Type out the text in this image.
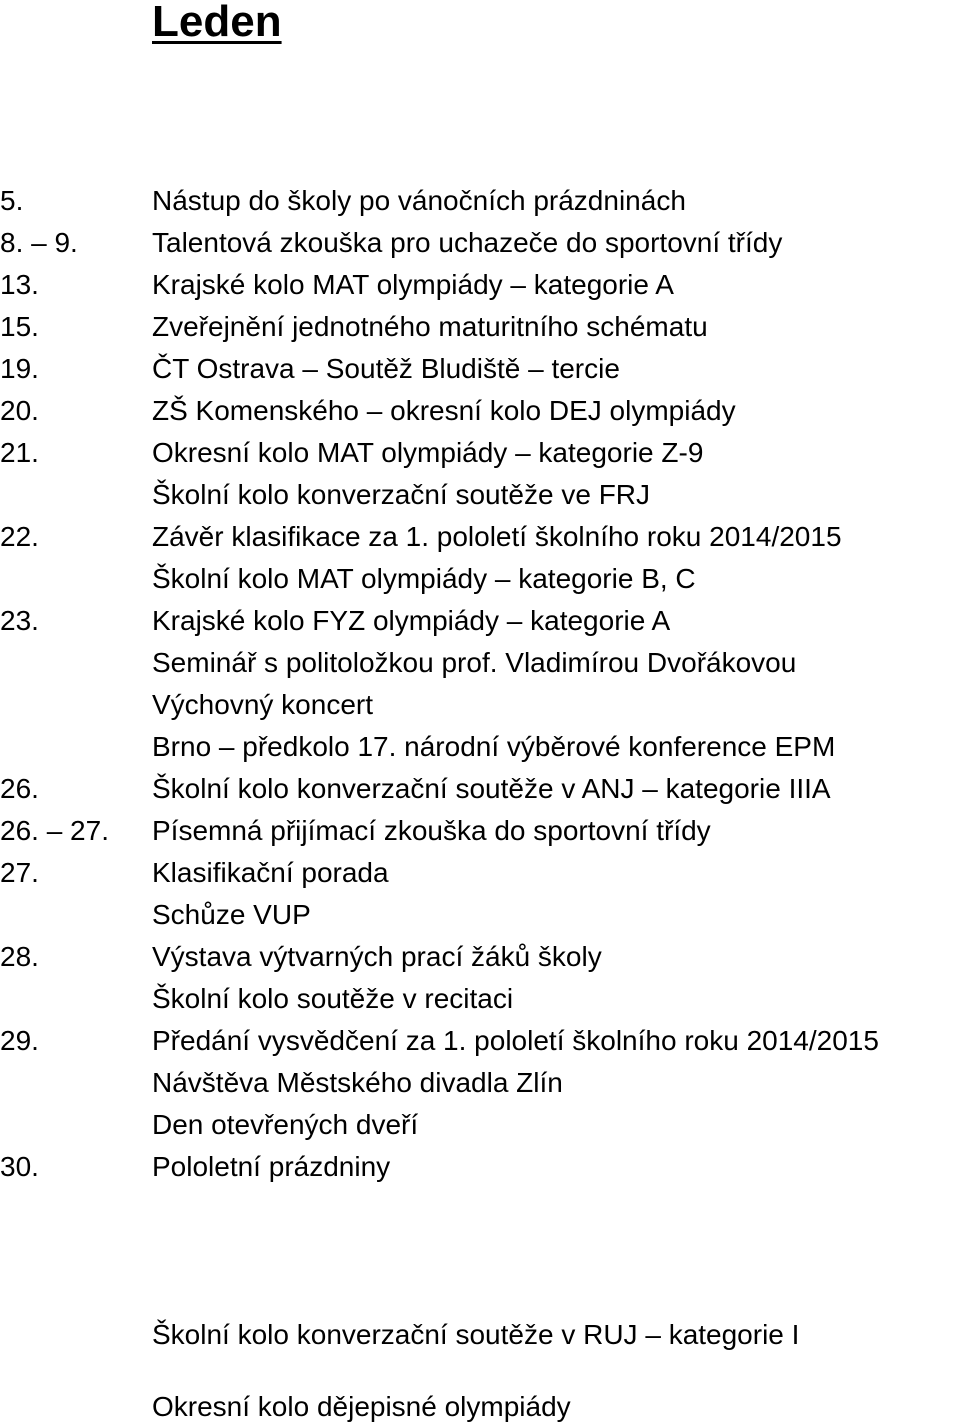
Leden
5.	Nástup do školy po vánočních prázdninách
8. – 9.	Talentová zkouška pro uchazeče do sportovní třídy
13.	Krajské kolo MAT olympiády – kategorie A
15.	Zveřejnění jednotného maturitního schématu
19.	ČT Ostrava – Soutěž Bludiště – tercie
20.	ZŠ Komenského – okresní kolo DEJ olympiády
21.	Okresní kolo MAT olympiády – kategorie Z-9
Školní kolo konverzační soutěže ve FRJ
22.	Závěr klasifikace za 1. pololetí školního roku 2014/2015
Školní kolo MAT olympiády – kategorie B, C
23.	Krajské kolo FYZ olympiády – kategorie A
Seminář s politoložkou prof. Vladimírou Dvořákovou
Výchovný koncert
Brno – předkolo 17. národní výběrové konference EPM
26.	Školní kolo konverzační soutěže v ANJ – kategorie IIIA
26. – 27. Písemná přijímací zkouška do sportovní třídy
27.	Klasifikační porada
Schůze VUP
28.	Výstava výtvarných prací žáků školy
Školní kolo soutěže v recitaci
29.	Předání vysvědčení za 1. pololetí školního roku 2014/2015
Návštěva Městského divadla Zlín
Den otevřených dveří
30.	Pololetní prázdniny
Školní kolo konverzační soutěže v RUJ – kategorie I
Okresní kolo dějepisné olympiády
